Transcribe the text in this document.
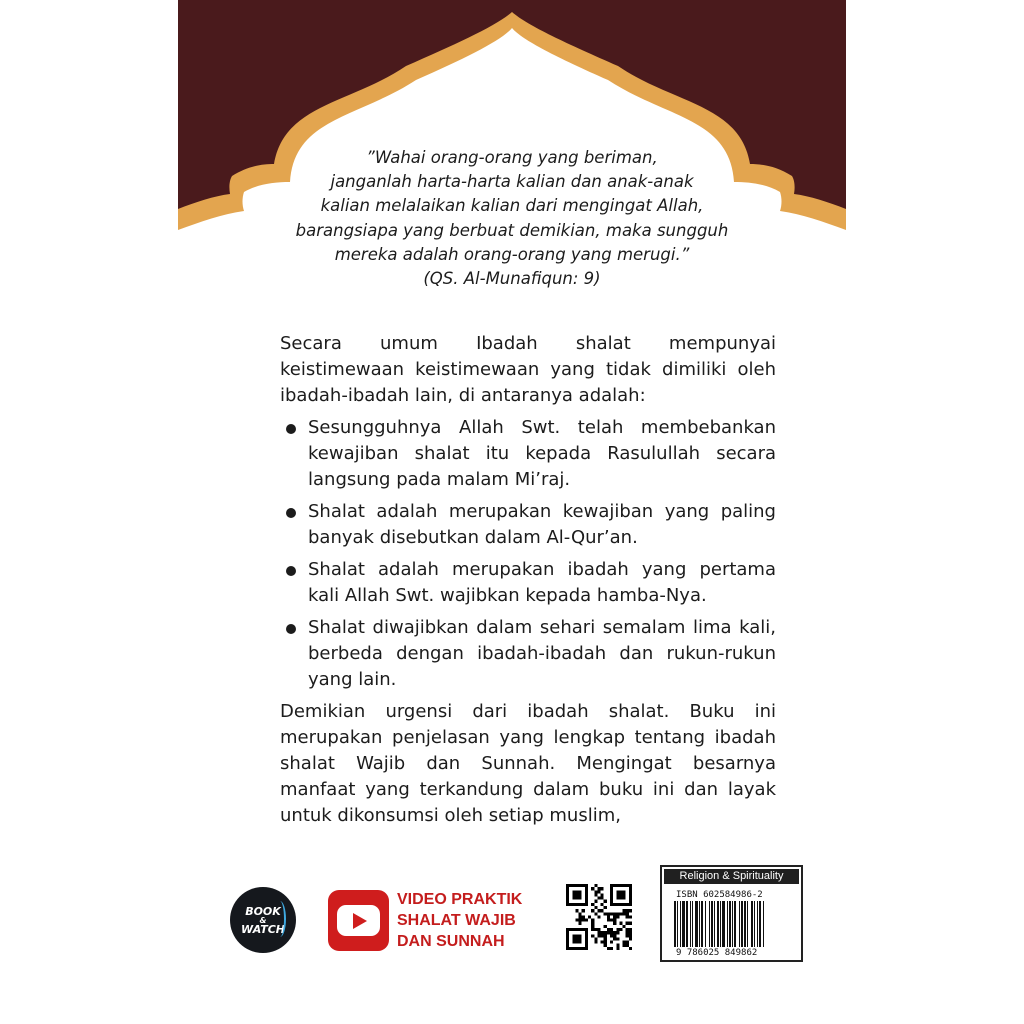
”Wahai orang-orang yang beriman,
janganlah harta-harta kalian dan anak-anak
kalian melalaikan kalian dari mengingat Allah,
barangsiapa yang berbuat demikian, maka sungguh
mereka adalah orang-orang yang merugi.”
(QS. Al-Munafiqun: 9)

Secara umum Ibadah shalat mempunyai keistimewaan keistimewaan yang tidak dimiliki oleh ibadah-ibadah lain, di antaranya adalah:

Sesungguhnya Allah Swt. telah membebankan kewajiban shalat itu kepada Rasulullah secara langsung pada malam Mi’raj.
Shalat adalah merupakan kewajiban yang paling banyak disebutkan dalam Al-Qur’an.
Shalat adalah merupakan ibadah yang pertama kali Allah Swt. wajibkan kepada hamba-Nya.
Shalat diwajibkan dalam sehari semalam lima kali, berbeda dengan ibadah-ibadah dan rukun-rukun yang lain.

Demikian urgensi dari ibadah shalat. Buku ini merupakan penjelasan yang lengkap tentang ibadah shalat Wajib dan Sunnah. Mengingat besarnya manfaat yang terkandung dalam buku ini dan layak untuk dikonsumsi oleh setiap muslim,

BOOK
&
WATCH
VIDEO PRAKTIK
SHALAT WAJIB
DAN SUNNAH
Religion & Spirituality
ISBN 602584986-2
9 786025 849862
